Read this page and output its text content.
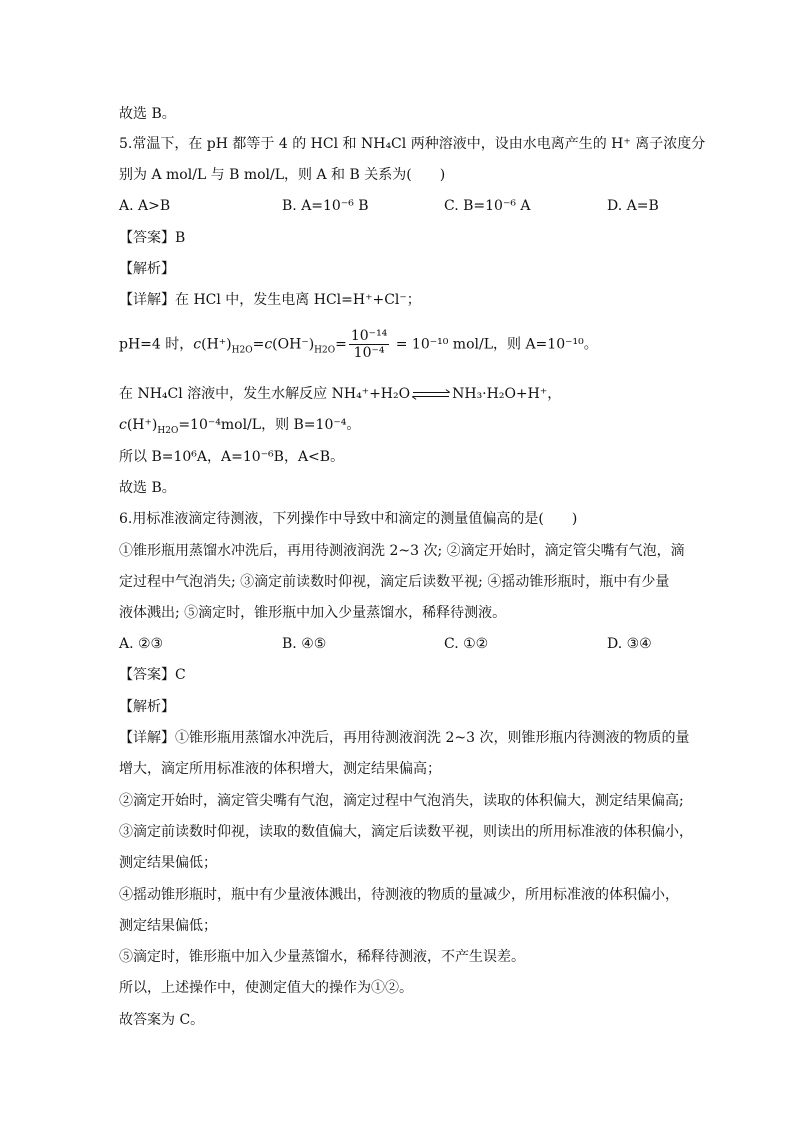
故选 B。
5.常温下，在 pH 都等于 4 的 HCl 和 NH₄Cl 两种溶液中，设由水电离产生的 H⁺ 离子浓度分
别为 A mol/L 与 B mol/L，则 A 和 B 关系为(　　)
A. A>B	B. A=10⁻⁶ B	C. B=10⁻⁶ A	D. A=B
【答案】B
【解析】
【详解】在 HCl 中，发生电离 HCl=H⁺+Cl⁻；
pH=4 时，$c(H^+)_{H2O}=c(OH^-)_{H2O}= \frac{\text{10⁻¹⁴}}{\text{10⁻⁴}} = 10^{-10}$ mol/L，则 A=10⁻¹⁰。
在 NH₄Cl 溶液中，发生水解反应 NH₄⁺+H₂O	NH₃·H₂O+H⁺，
$c(H^+)_{H2O}=10^{-4}mol/L$，则 B=10⁻⁴。
所以 B=10⁶A，A=10⁻⁶B，A<B。
故选 B。
6.用标准液滴定待测液，下列操作中导致中和滴定的测量值偏高的是(　　)
①锥形瓶用蒸馏水冲洗后，再用待测液润洗 2~3 次; ②滴定开始时，滴定管尖嘴有气泡，滴
定过程中气泡消失; ③滴定前读数时仰视，滴定后读数平视; ④摇动锥形瓶时，瓶中有少量
液体溅出; ⑤滴定时，锥形瓶中加入少量蒸馏水，稀释待测液。
A. ②③	B. ④⑤	C. ①②	D. ③④
【答案】C
【解析】
【详解】①锥形瓶用蒸馏水冲洗后，再用待测液润洗 2~3 次，则锥形瓶内待测液的物质的量
增大，滴定所用标准液的体积增大，测定结果偏高；
②滴定开始时，滴定管尖嘴有气泡，滴定过程中气泡消失，读取的体积偏大，测定结果偏高;
③滴定前读数时仰视，读取的数值偏大，滴定后读数平视，则读出的所用标准液的体积偏小，
测定结果偏低；
④摇动锥形瓶时，瓶中有少量液体溅出，待测液的物质的量减少，所用标准液的体积偏小，
测定结果偏低；
⑤滴定时，锥形瓶中加入少量蒸馏水，稀释待测液，不产生误差。
所以，上述操作中，使测定值大的操作为①②。
故答案为 C。
